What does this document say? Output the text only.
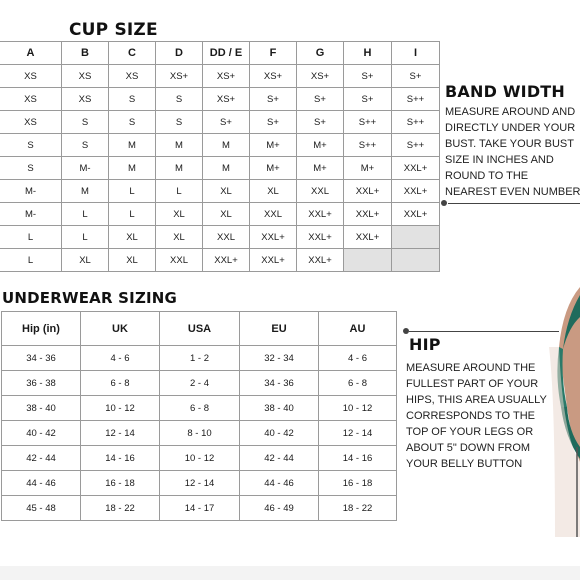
CUP SIZE
A	B	C	D	DD / E	F	G	H	I
XS	XS	XS	XS+	XS+	XS+	XS+	S+	S+
XS	XS	S	S	XS+	S+	S+	S+	S++
XS	S	S	S	S+	S+	S+	S++	S++
S	S	M	M	M	M+	M+	S++	S++
S	M-	M	M	M	M+	M+	M+	XXL+
M-	M	L	L	XL	XL	XXL	XXL+	XXL+
M-	L	L	XL	XL	XXL	XXL+	XXL+	XXL+
L	L	XL	XL	XXL	XXL+	XXL+	XXL+	
L	XL	XL	XXL	XXL+	XXL+	XXL+		
BAND WIDTH
MEASURE AROUND AND
DIRECTLY UNDER YOUR
BUST. TAKE YOUR BUST
SIZE IN INCHES AND
ROUND TO THE
NEAREST EVEN NUMBER
UNDERWEAR SIZING
Hip (in)	UK	USA	EU	AU
34 - 36	4 - 6	1 - 2	32 - 34	4 - 6
36 - 38	6 - 8	2 - 4	34 - 36	6 - 8
38 - 40	10 - 12	6 - 8	38 - 40	10 - 12
40 - 42	12 - 14	8 - 10	40 - 42	12 - 14
42 - 44	14 - 16	10 - 12	42 - 44	14 - 16
44 - 46	16 - 18	12 - 14	44 - 46	16 - 18
45 - 48	18 - 22	14 - 17	46 - 49	18 - 22
HIP
MEASURE AROUND THE
FULLEST PART OF YOUR
HIPS, THIS AREA USUALLY
CORRESPONDS TO THE
TOP OF YOUR LEGS OR
ABOUT 5" DOWN FROM
YOUR BELLY BUTTON
